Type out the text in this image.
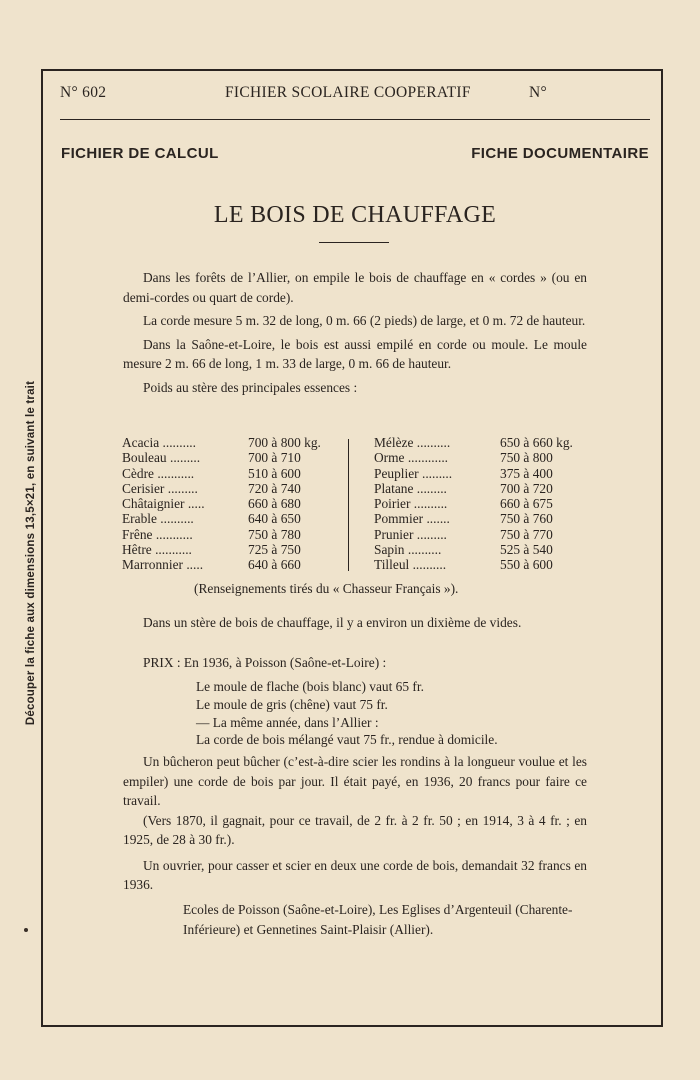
Découper la fiche aux dimensions 13,5×21, en suivant le trait
N° 602	FICHIER SCOLAIRE COOPERATIF	N°
FICHIER DE CALCUL	FICHE DOCUMENTAIRE
LE BOIS DE CHAUFFAGE

Dans les forêts de l’Allier, on empile le bois de chauffage en « cordes » (ou en demi-cordes ou quart de corde).

La corde mesure 5 m. 32 de long, 0 m. 66 (2 pieds) de large, et 0 m. 72 de hauteur.

Dans la Saône-et-Loire, le bois est aussi empilé en corde ou moule. Le moule mesure 2 m. 66 de long, 1 m. 33 de large, 0 m. 66 de hauteur.

Poids au stère des principales essences :

Acacia ..........	700 à 800 kg.
Bouleau .........	700 à 710
Cèdre ...........	510 à 600
Cerisier .........	720 à 740
Châtaignier .....	660 à 680
Erable ..........	640 à 650
Frêne ...........	750 à 780
Hêtre ...........	725 à 750
Marronnier .....	640 à 660
Mélèze ..........	650 à 660 kg.
Orme ............	750 à 800
Peuplier .........	375 à 400
Platane .........	700 à 720
Poirier ..........	660 à 675
Pommier .......	750 à 760
Prunier .........	750 à 770
Sapin ..........	525 à 540
Tilleul ..........	550 à 600
(Renseignements tirés du « Chasseur Français »).

Dans un stère de bois de chauffage, il y a environ un dixième de vides.

PRIX : En 1936, à Poisson (Saône-et-Loire) :
Le moule de flache (bois blanc) vaut 65 fr.
Le moule de gris (chêne) vaut 75 fr.
— La même année, dans l’Allier :
La corde de bois mélangé vaut 75 fr., rendue à domicile.

Un bûcheron peut bûcher (c’est-à-dire scier les rondins à la longueur voulue et les empiler) une corde de bois par jour. Il était payé, en 1936, 20 francs pour faire ce travail.

(Vers 1870, il gagnait, pour ce travail, de 2 fr. à 2 fr. 50 ; en 1914, 3 à 4 fr. ; en 1925, de 28 à 30 fr.).

Un ouvrier, pour casser et scier en deux une corde de bois, demandait 32 francs en 1936.

Ecoles de Poisson (Saône-et-Loire), Les Eglises d’Argenteuil (Charente-Inférieure) et Gennetines Saint-Plaisir (Allier).
